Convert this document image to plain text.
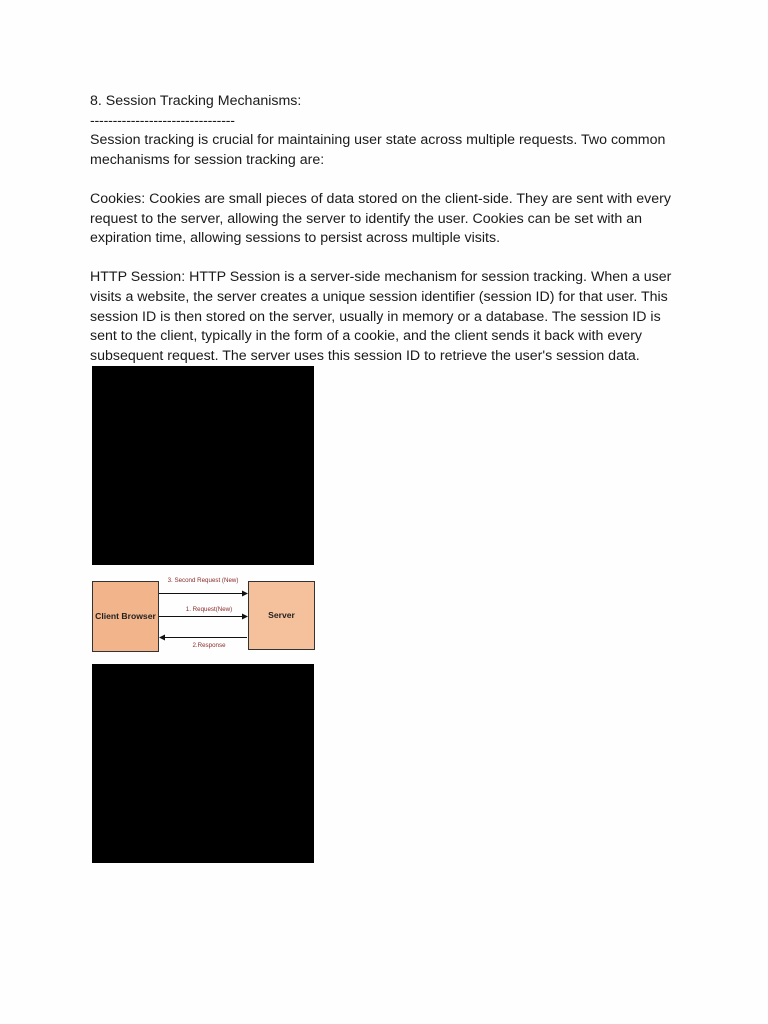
8. Session Tracking Mechanisms:

--------------------------------

Session tracking is crucial for maintaining user state across multiple requests. Two common mechanisms for session tracking are:

Cookies: Cookies are small pieces of data stored on the client-side. They are sent with every request to the server, allowing the server to identify the user. Cookies can be set with an expiration time, allowing sessions to persist across multiple visits.

HTTP Session: HTTP Session is a server-side mechanism for session tracking. When a user visits a website, the server creates a unique session identifier (session ID) for that user. This session ID is then stored on the server, usually in memory or a database. The session ID is sent to the client, typically in the form of a cookie, and the client sends it back with every subsequent request. The server uses this session ID to retrieve the user's session data.

Client Browser	Server
3. Second Request (New)
1. Request(New)
2.Response
